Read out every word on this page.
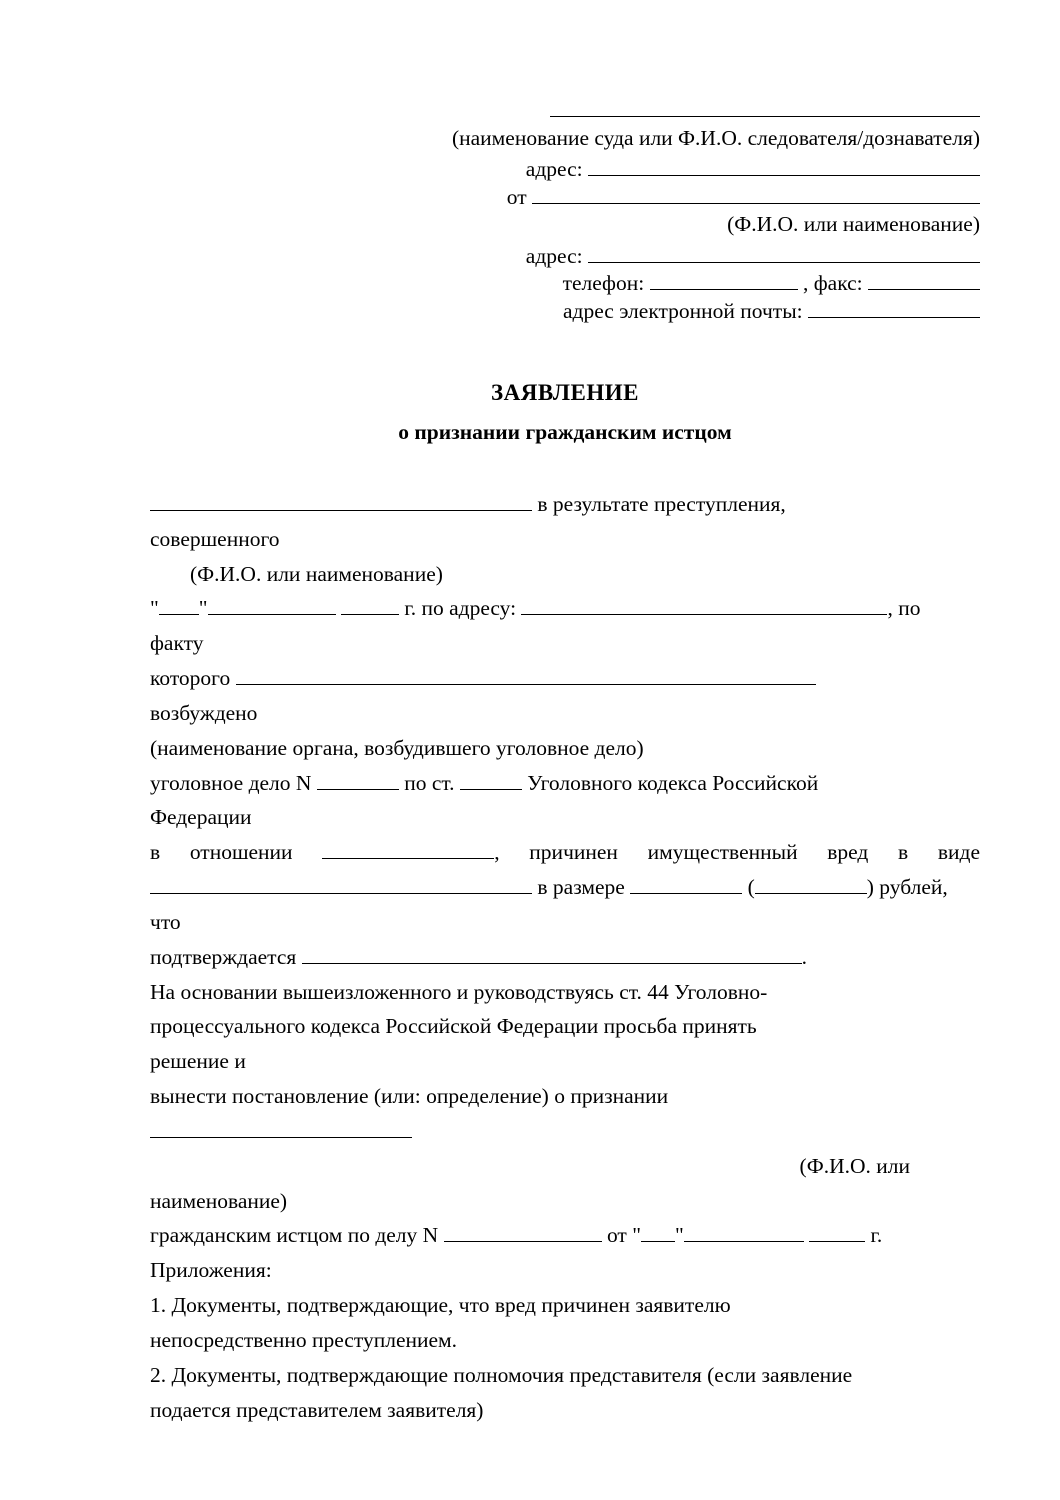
(наименование суда или Ф.И.О. следователя/дознавателя)
адрес:
от
(Ф.И.О. или наименование)
адрес:
телефон:	, факс:
адрес электронной почты:
ЗАЯВЛЕНИЕ
о признании гражданским истцом
в результате преступления,
совершенного
(Ф.И.О. или наименование)
" "	г. по адресу:	, по
факту
которого
возбуждено
(наименование органа, возбудившего уголовное дело)
уголовное дело N	по ст.	Уголовного кодекса Российской
Федерации
в отношении	, причинен имущественный вред в виде
в размере	(	) рублей,
что
подтверждается	.
На основании вышеизложенного и руководствуясь ст. 44 Уголовно-
процессуального кодекса Российской Федерации просьба принять
решение и
вынести постановление (или: определение) о признании
(Ф.И.О. или
наименование)
гражданским истцом по делу N	от " "	г.
Приложения:
1. Документы, подтверждающие, что вред причинен заявителю
непосредственно преступлением.
2. Документы, подтверждающие полномочия представителя (если заявление
подается представителем заявителя)
